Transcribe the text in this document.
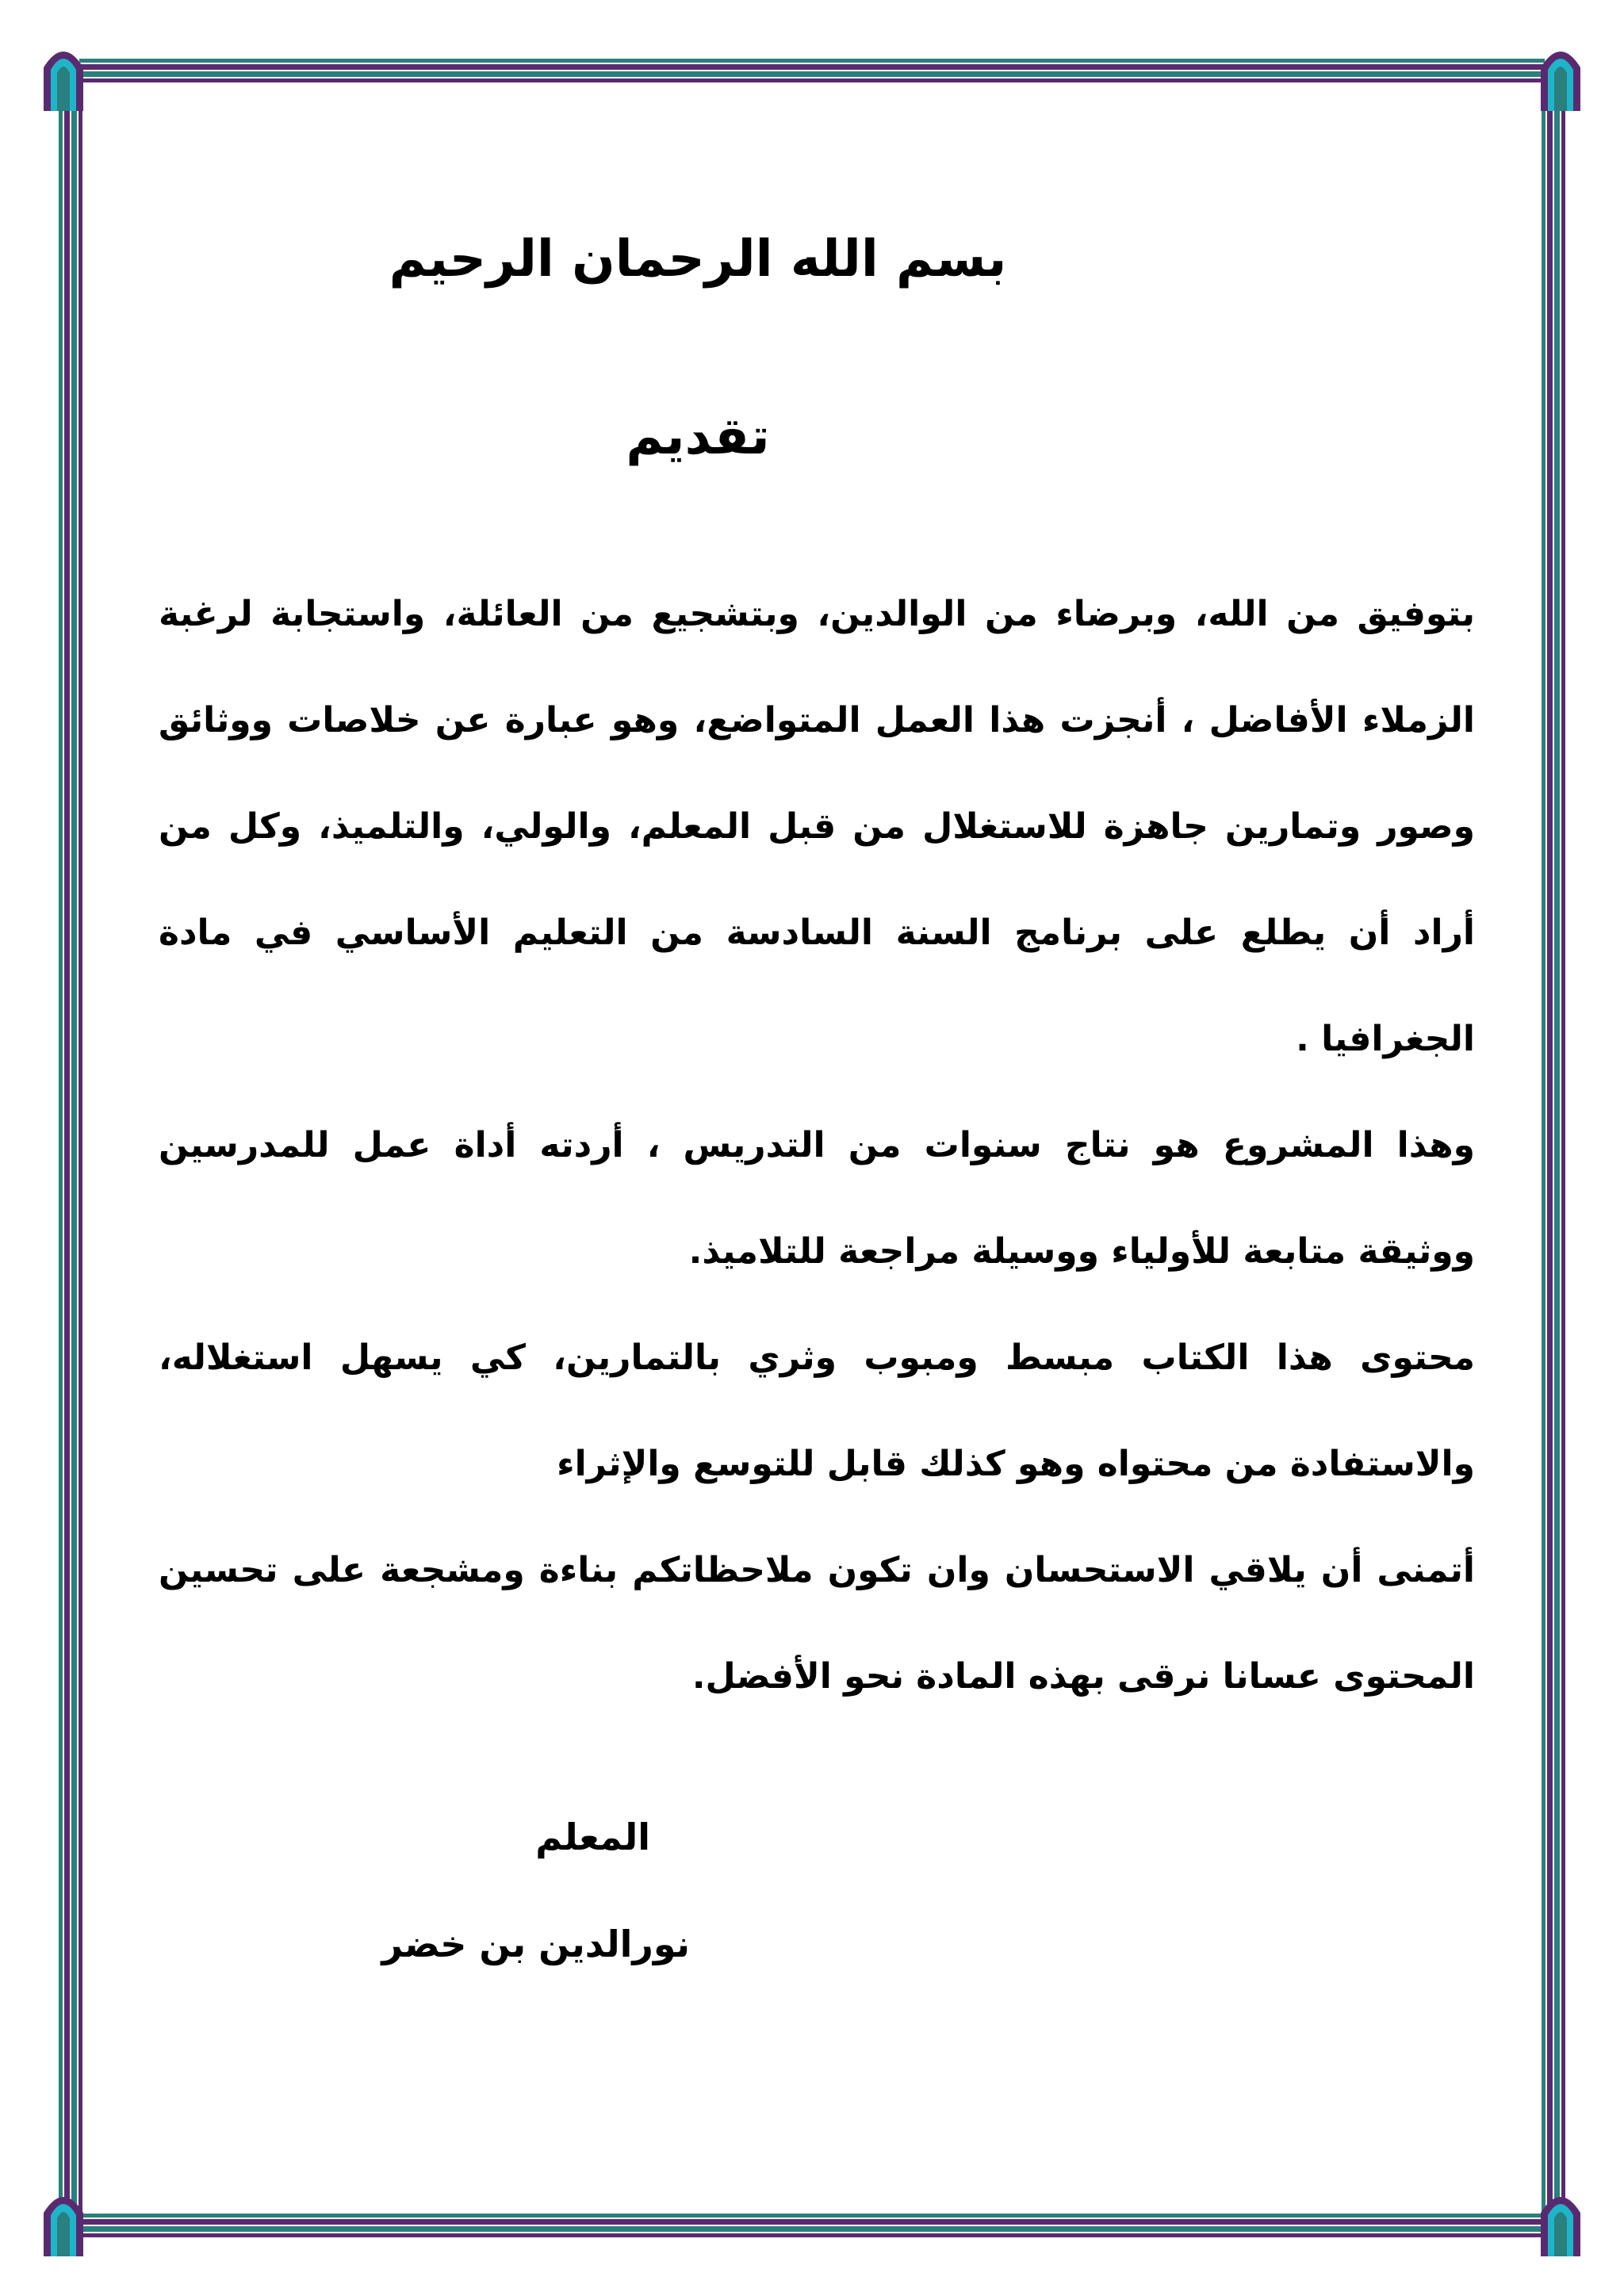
بسم الله الرحمان الرحيم
تقديم

بتوفيق من الله، وبرضاء من الوالدين، وبتشجيع من العائلة، واستجابة لرغبة الزملاء الأفاضل ، أنجزت هذا العمل المتواضع، وهو عبارة عن خلاصات ووثائق وصور وتمارين جاهزة للاستغلال من قبل المعلم، والولي، والتلميذ، وكل من أراد أن يطلع على برنامج السنة السادسة من التعليم الأساسي في مادة الجغرافيا .

وهذا المشروع هو نتاج سنوات من التدريس ، أردته أداة عمل للمدرسين ووثيقة متابعة للأولياء ووسيلة مراجعة للتلاميذ.

محتوى هذا الكتاب مبسط ومبوب وثري بالتمارين، كي يسهل استغلاله، والاستفادة من محتواه وهو كذلك قابل للتوسع والإثراء

أتمنى أن يلاقي الاستحسان وان تكون ملاحظاتكم بناءة ومشجعة على تحسين المحتوى عسانا نرقى بهذه المادة نحو الأفضل.

المعلم
نورالدين بن خضر
